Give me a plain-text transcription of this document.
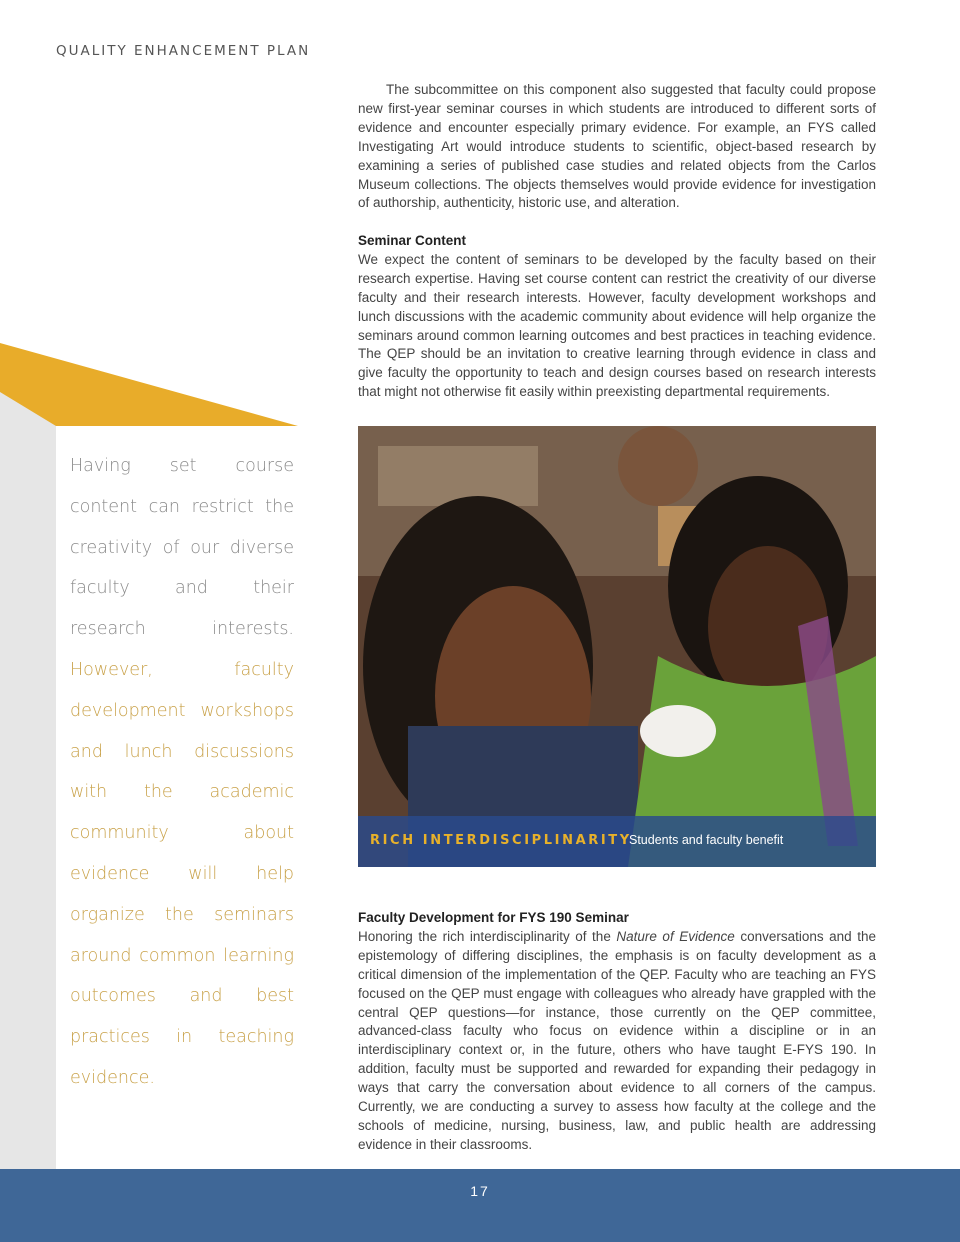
QUALITY ENHANCEMENT PLAN
Having set course content can restrict the creativity of our diverse faculty and their research interests. However, faculty development workshops and lunch discussions with the academic community about evidence will help organize the seminars around common learning outcomes and best practices in teaching evidence.
The subcommittee on this component also suggested that faculty could propose new first-year seminar courses in which students are introduced to different sorts of evidence and encounter especially primary evidence. For example, an FYS called Investigating Art would introduce students to scientific, object-based research by examining a series of published case studies and related objects from the Carlos Museum collections. The objects themselves would provide evidence for investigation of authorship, authenticity, historic use, and alteration.
Seminar Content

We expect the content of seminars to be developed by the faculty based on their research expertise. Having set course content can restrict the creativity of our diverse faculty and their research interests. However, faculty development workshops and lunch discussions with the academic community about evidence will help organize the seminars around common learning outcomes and best practices in teaching evidence. The QEP should be an invitation to creative learning through evidence in class and give faculty the opportunity to teach and design courses based on research interests that might not otherwise fit easily within preexisting departmental requirements.

RICH INTERDISCIPLINARITY
Students and faculty benefit
Faculty Development for FYS 190 Seminar

Honoring the rich interdisciplinarity of the Nature of Evidence conversations and the epistemology of differing disciplines, the emphasis is on faculty development as a critical dimension of the implementation of the QEP. Faculty who are teaching an FYS focused on the QEP must engage with colleagues who already have grappled with the central QEP questions—for instance, those currently on the QEP committee, advanced-class faculty who focus on evidence within a discipline or in an interdisciplinary context or, in the future, others who have taught E-FYS 190. In addition, faculty must be supported and rewarded for expanding their pedagogy in ways that carry the conversation about evidence to all corners of the campus. Currently, we are conducting a survey to assess how faculty at the college and the schools of medicine, nursing, business, law, and public health are addressing evidence in their classrooms.

17
